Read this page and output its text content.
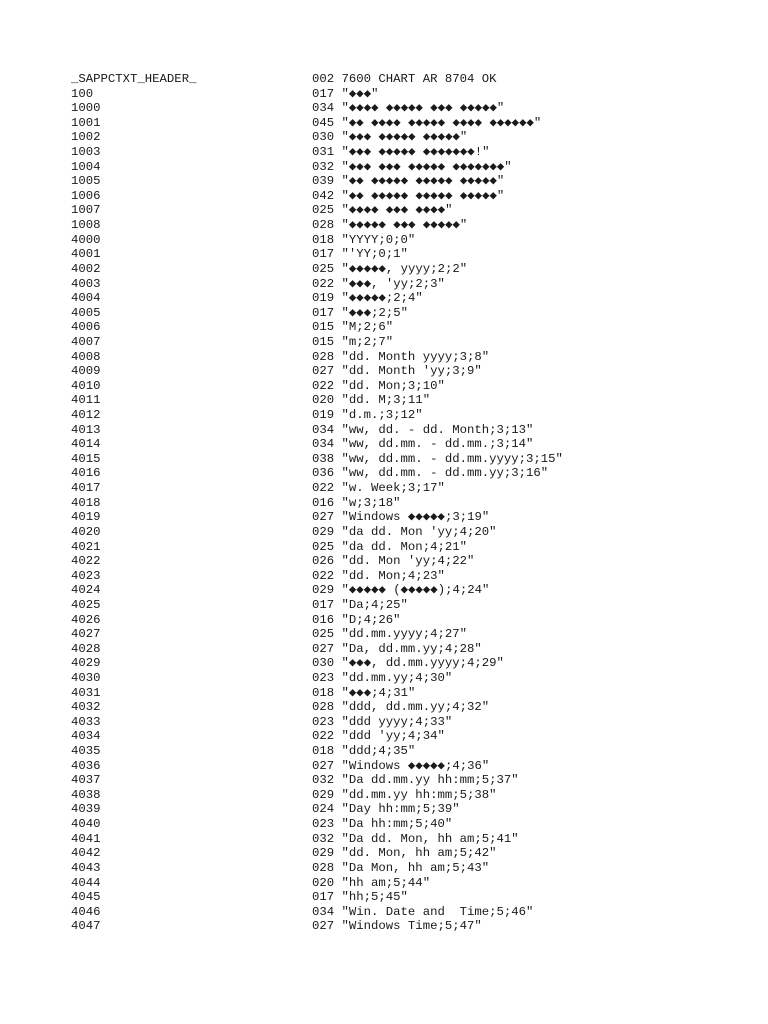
_SAPPCTXT_HEADER_	002 7600 CHART AR 8704 OK
100	017 "◆◆◆"
1000	034 "◆◆◆◆ ◆◆◆◆◆ ◆◆◆ ◆◆◆◆◆"
1001	045 "◆◆ ◆◆◆◆ ◆◆◆◆◆ ◆◆◆◆ ◆◆◆◆◆◆"
1002	030 "◆◆◆ ◆◆◆◆◆ ◆◆◆◆◆"
1003	031 "◆◆◆ ◆◆◆◆◆ ◆◆◆◆◆◆◆!"
1004	032 "◆◆◆ ◆◆◆ ◆◆◆◆◆ ◆◆◆◆◆◆◆"
1005	039 "◆◆ ◆◆◆◆◆ ◆◆◆◆◆ ◆◆◆◆◆"
1006	042 "◆◆ ◆◆◆◆◆ ◆◆◆◆◆ ◆◆◆◆◆"
1007	025 "◆◆◆◆ ◆◆◆ ◆◆◆◆"
1008	028 "◆◆◆◆◆ ◆◆◆ ◆◆◆◆◆"
4000	018 "YYYY;0;0"
4001	017 "'YY;0;1"
4002	025 "◆◆◆◆◆, yyyy;2;2"
4003	022 "◆◆◆, 'yy;2;3"
4004	019 "◆◆◆◆◆;2;4"
4005	017 "◆◆◆;2;5"
4006	015 "M;2;6"
4007	015 "m;2;7"
4008	028 "dd. Month yyyy;3;8"
4009	027 "dd. Month 'yy;3;9"
4010	022 "dd. Mon;3;10"
4011	020 "dd. M;3;11"
4012	019 "d.m.;3;12"
4013	034 "ww, dd. - dd. Month;3;13"
4014	034 "ww, dd.mm. - dd.mm.;3;14"
4015	038 "ww, dd.mm. - dd.mm.yyyy;3;15"
4016	036 "ww, dd.mm. - dd.mm.yy;3;16"
4017	022 "w. Week;3;17"
4018	016 "w;3;18"
4019	027 "Windows ◆◆◆◆◆;3;19"
4020	029 "da dd. Mon 'yy;4;20"
4021	025 "da dd. Mon;4;21"
4022	026 "dd. Mon 'yy;4;22"
4023	022 "dd. Mon;4;23"
4024	029 "◆◆◆◆◆ (◆◆◆◆◆);4;24"
4025	017 "Da;4;25"
4026	016 "D;4;26"
4027	025 "dd.mm.yyyy;4;27"
4028	027 "Da, dd.mm.yy;4;28"
4029	030 "◆◆◆, dd.mm.yyyy;4;29"
4030	023 "dd.mm.yy;4;30"
4031	018 "◆◆◆;4;31"
4032	028 "ddd, dd.mm.yy;4;32"
4033	023 "ddd yyyy;4;33"
4034	022 "ddd 'yy;4;34"
4035	018 "ddd;4;35"
4036	027 "Windows ◆◆◆◆◆;4;36"
4037	032 "Da dd.mm.yy hh:mm;5;37"
4038	029 "dd.mm.yy hh:mm;5;38"
4039	024 "Day hh:mm;5;39"
4040	023 "Da hh:mm;5;40"
4041	032 "Da dd. Mon, hh am;5;41"
4042	029 "dd. Mon, hh am;5;42"
4043	028 "Da Mon, hh am;5;43"
4044	020 "hh am;5;44"
4045	017 "hh;5;45"
4046	034 "Win. Date and  Time;5;46"
4047	027 "Windows Time;5;47"
